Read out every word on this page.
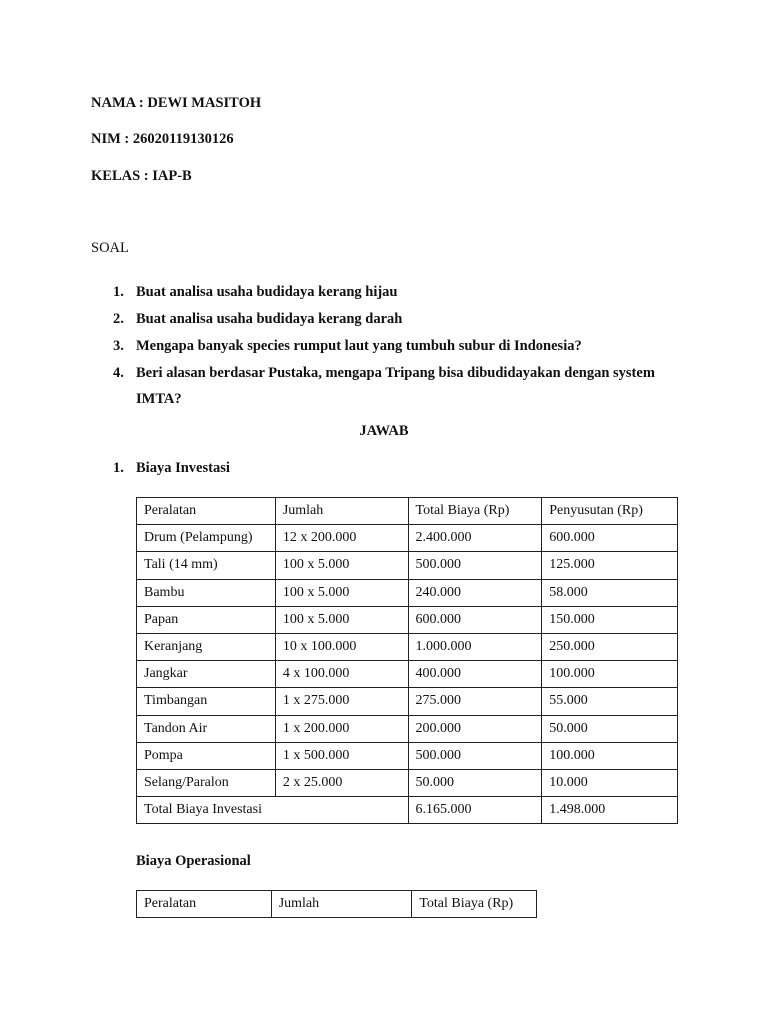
NAMA : DEWI MASITOH
NIM : 26020119130126
KELAS : IAP-B
SOAL
1. Buat analisa usaha budidaya kerang hijau
2. Buat analisa usaha budidaya kerang darah
3. Mengapa banyak species rumput laut yang tumbuh subur di Indonesia?
4. Beri alasan berdasar Pustaka, mengapa Tripang bisa dibudidayakan dengan system IMTA?
JAWAB
1. Biaya Investasi
Peralatan	Jumlah	Total Biaya (Rp)	Penyusutan (Rp)
Drum (Pelampung)	12 x 200.000	2.400.000	600.000
Tali (14 mm)	100 x 5.000	500.000	125.000
Bambu	100 x 5.000	240.000	58.000
Papan	100 x 5.000	600.000	150.000
Keranjang	10 x 100.000	1.000.000	250.000
Jangkar	4 x 100.000	400.000	100.000
Timbangan	1 x 275.000	275.000	55.000
Tandon Air	1 x 200.000	200.000	50.000
Pompa	1 x 500.000	500.000	100.000
Selang/Paralon	2 x 25.000	50.000	10.000
Total Biaya Investasi		6.165.000	1.498.000
Biaya Operasional
Peralatan	Jumlah	Total Biaya (Rp)
